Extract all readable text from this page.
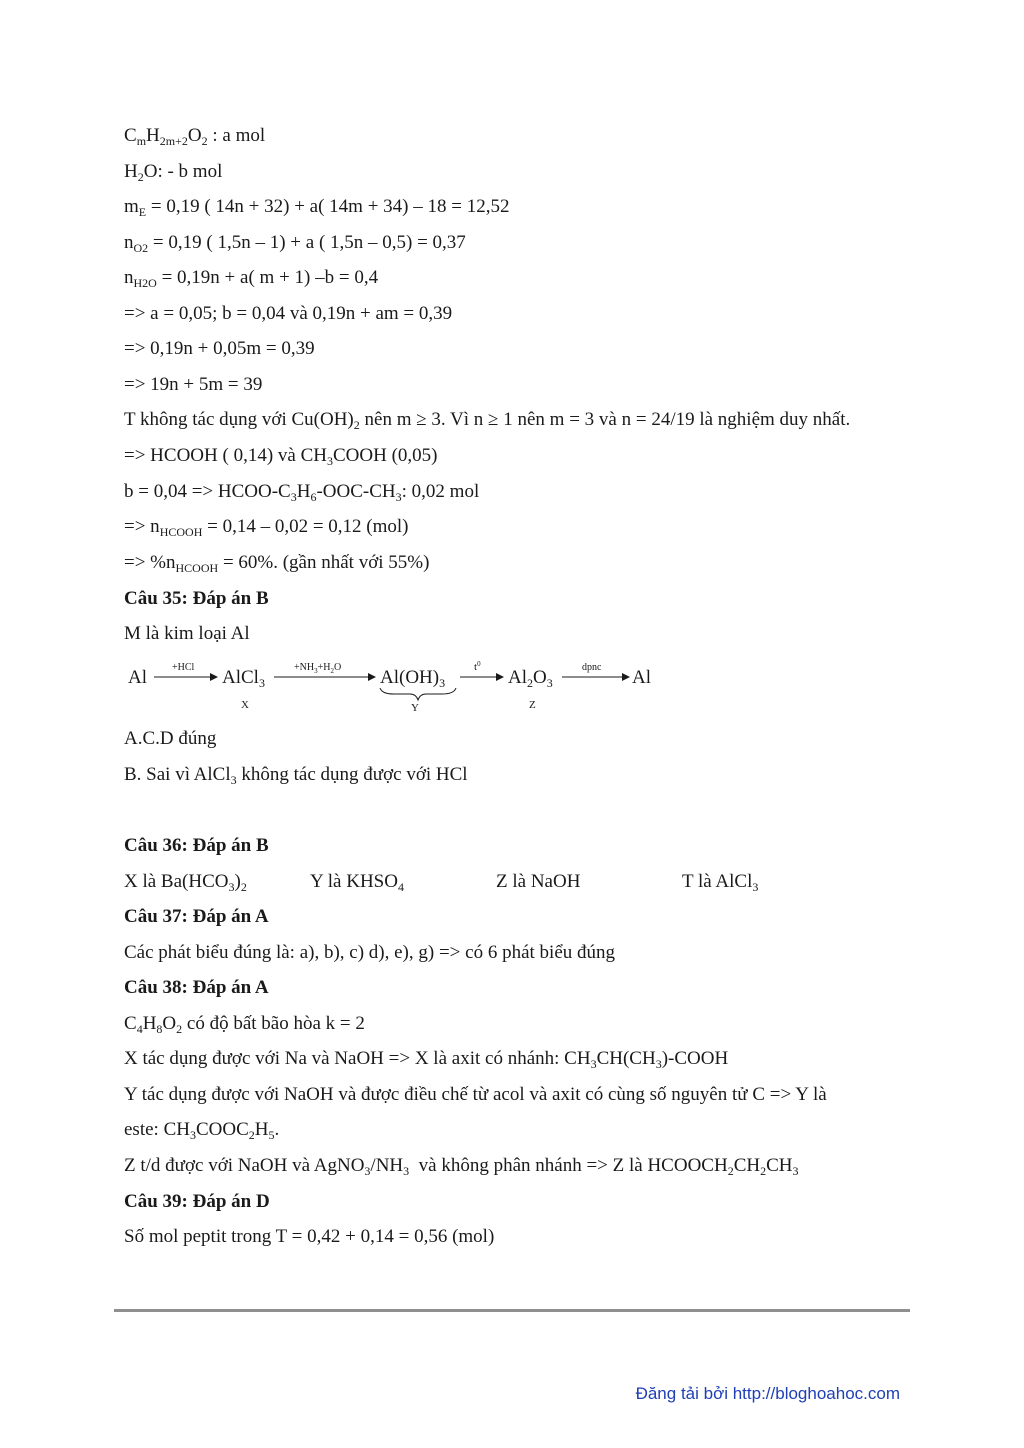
$C_mH_{2m+2}O_2$ : a mol
$H_2O$: - b mol
$m_E = 0,19$ ( 14n + 32) + a( 14m + 34) – 18 = 12,52
$n_{O2} = 0,19$ ( 1,5n – 1) + a ( 1,5n – 0,5) = 0,37
$n_{H2O} = 0,19n + a$( m + 1) –b = 0,4
=> a = 0,05; b = 0,04 và 0,19n + am = 0,39
=> 0,19n + 0,05m = 0,39
=> 19n + 5m = 39
T không tác dụng với $Cu(OH)_2$ nên m ≥ 3. Vì n ≥ 1 nên m = 3 và n = 24/19 là nghiệm duy nhất.
=> HCOOH ( 0,14) và $CH_3COOH$ (0,05)
b = 0,04 => HCOO-$C_3H_6-OOC-CH_3$: 0,02 mol
=> $n_{HCOOH} = 0,14 - 0,02 = 0,12$ (mol)
=> $\%n_{HCOOH} = 60\%$. (gần nhất với 55%)
Câu 35: Đáp án B
M là kim loại Al
Al	+HCl AlCl$_3$
X
$+NH_3+H_2O$ $Al(OH)_3$
Y
$t^0$
$Al_2O_3$
Z
dpnc Al
A.C.D đúng
B. Sai vì AlCl$_3$ không tác dụng được với HCl
Câu 36: Đáp án B
X là $Ba(HCO_3)_2$	Y là $KHSO_4$	Z là NaOH	T là AlCl$_3$
Câu 37: Đáp án A
Các phát biểu đúng là: a), b), c) d), e), g) => có 6 phát biểu đúng
Câu 38: Đáp án A
$C_4H_8O_2$ có độ bất bão hòa k = 2
X tác dụng được với Na và NaOH => X là axit có nhánh: $CH_3CH(CH_3)$-COOH
Y tác dụng được với NaOH và được điều chế từ acol và axit có cùng số nguyên tử C => Y là
este: $CH_3COOC_2H_5$.
Z t/d được với NaOH và $AgNO_3/NH_3$  và không phân nhánh => Z là $HCOOCH_2CH_2CH_3$
Câu 39: Đáp án D
Số mol peptit trong T = 0,42 + 0,14 = 0,56 (mol)
Đăng tải bởi http://bloghoahoc.com
